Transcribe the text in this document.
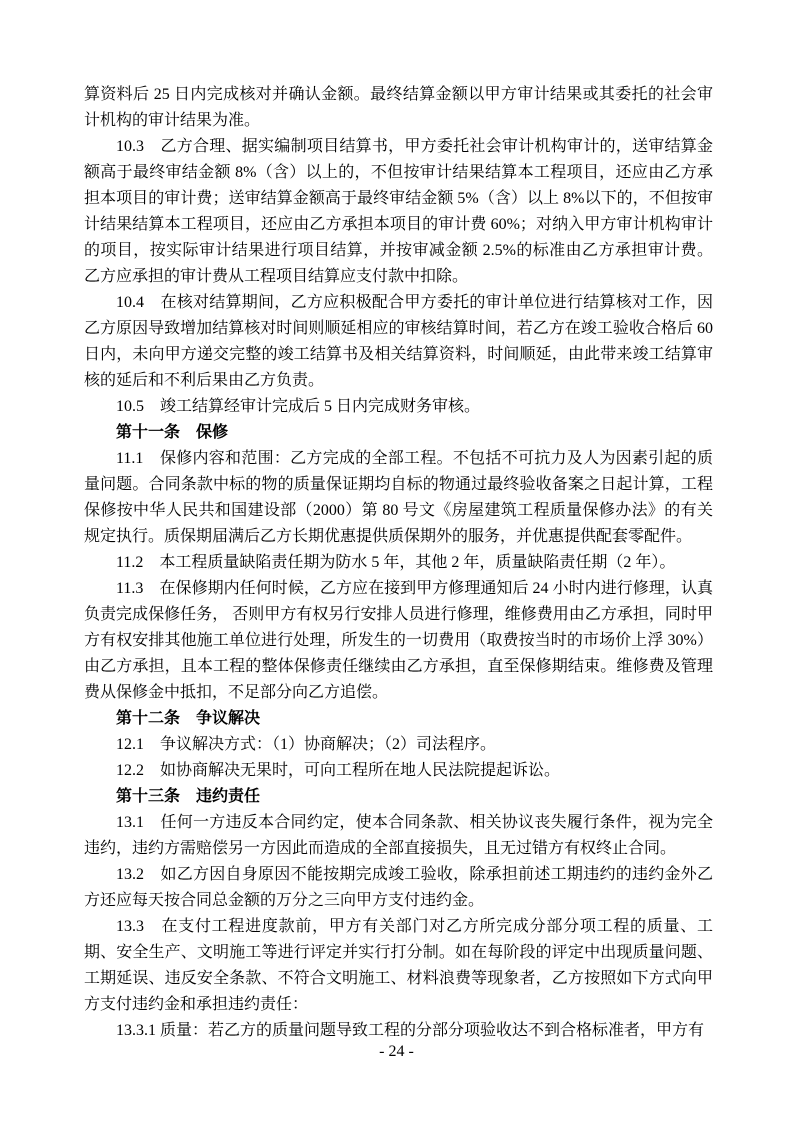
算资料后 25 日内完成核对并确认金额。最终结算金额以甲方审计结果或其委托的社会审计机构的审计结果为准。

10.3　乙方合理、据实编制项目结算书，甲方委托社会审计机构审计的，送审结算金额高于最终审结金额 8%（含）以上的，不但按审计结果结算本工程项目，还应由乙方承担本项目的审计费；送审结算金额高于最终审结金额 5%（含）以上 8%以下的，不但按审计结果结算本工程项目，还应由乙方承担本项目的审计费 60%；对纳入甲方审计机构审计的项目，按实际审计结果进行项目结算，并按审减金额 2.5%的标准由乙方承担审计费。乙方应承担的审计费从工程项目结算应支付款中扣除。

10.4　在核对结算期间，乙方应积极配合甲方委托的审计单位进行结算核对工作，因乙方原因导致增加结算核对时间则顺延相应的审核结算时间，若乙方在竣工验收合格后 60 日内，未向甲方递交完整的竣工结算书及相关结算资料，时间顺延，由此带来竣工结算审核的延后和不利后果由乙方负责。

10.5　竣工结算经审计完成后 5 日内完成财务审核。

第十一条　保修

11.1　保修内容和范围：乙方完成的全部工程。不包括不可抗力及人为因素引起的质量问题。合同条款中标的物的质量保证期均自标的物通过最终验收备案之日起计算，工程保修按中华人民共和国建设部（2000）第 80 号文《房屋建筑工程质量保修办法》的有关规定执行。质保期届满后乙方长期优惠提供质保期外的服务，并优惠提供配套零配件。

11.2　本工程质量缺陷责任期为防水 5 年，其他 2 年，质量缺陷责任期（2 年）。

11.3　在保修期内任何时候，乙方应在接到甲方修理通知后 24 小时内进行修理，认真负责完成保修任务， 否则甲方有权另行安排人员进行修理，维修费用由乙方承担，同时甲方有权安排其他施工单位进行处理，所发生的一切费用（取费按当时的市场价上浮 30%）由乙方承担，且本工程的整体保修责任继续由乙方承担，直至保修期结束。维修费及管理费从保修金中抵扣，不足部分向乙方追偿。

第十二条　争议解决

12.1　争议解决方式：（1）协商解决；（2）司法程序。

12.2　如协商解决无果时，可向工程所在地人民法院提起诉讼。

第十三条　违约责任

13.1　任何一方违反本合同约定，使本合同条款、相关协议丧失履行条件，视为完全违约，违约方需赔偿另一方因此而造成的全部直接损失，且无过错方有权终止合同。

13.2　如乙方因自身原因不能按期完成竣工验收，除承担前述工期违约的违约金外乙方还应每天按合同总金额的万分之三向甲方支付违约金。

13.3　在支付工程进度款前，甲方有关部门对乙方所完成分部分项工程的质量、工期、安全生产、文明施工等进行评定并实行打分制。如在每阶段的评定中出现质量问题、工期延误、违反安全条款、不符合文明施工、材料浪费等现象者，乙方按照如下方式向甲方支付违约金和承担违约责任：

13.3.1 质量：若乙方的质量问题导致工程的分部分项验收达不到合格标准者，甲方有

- 24 -
